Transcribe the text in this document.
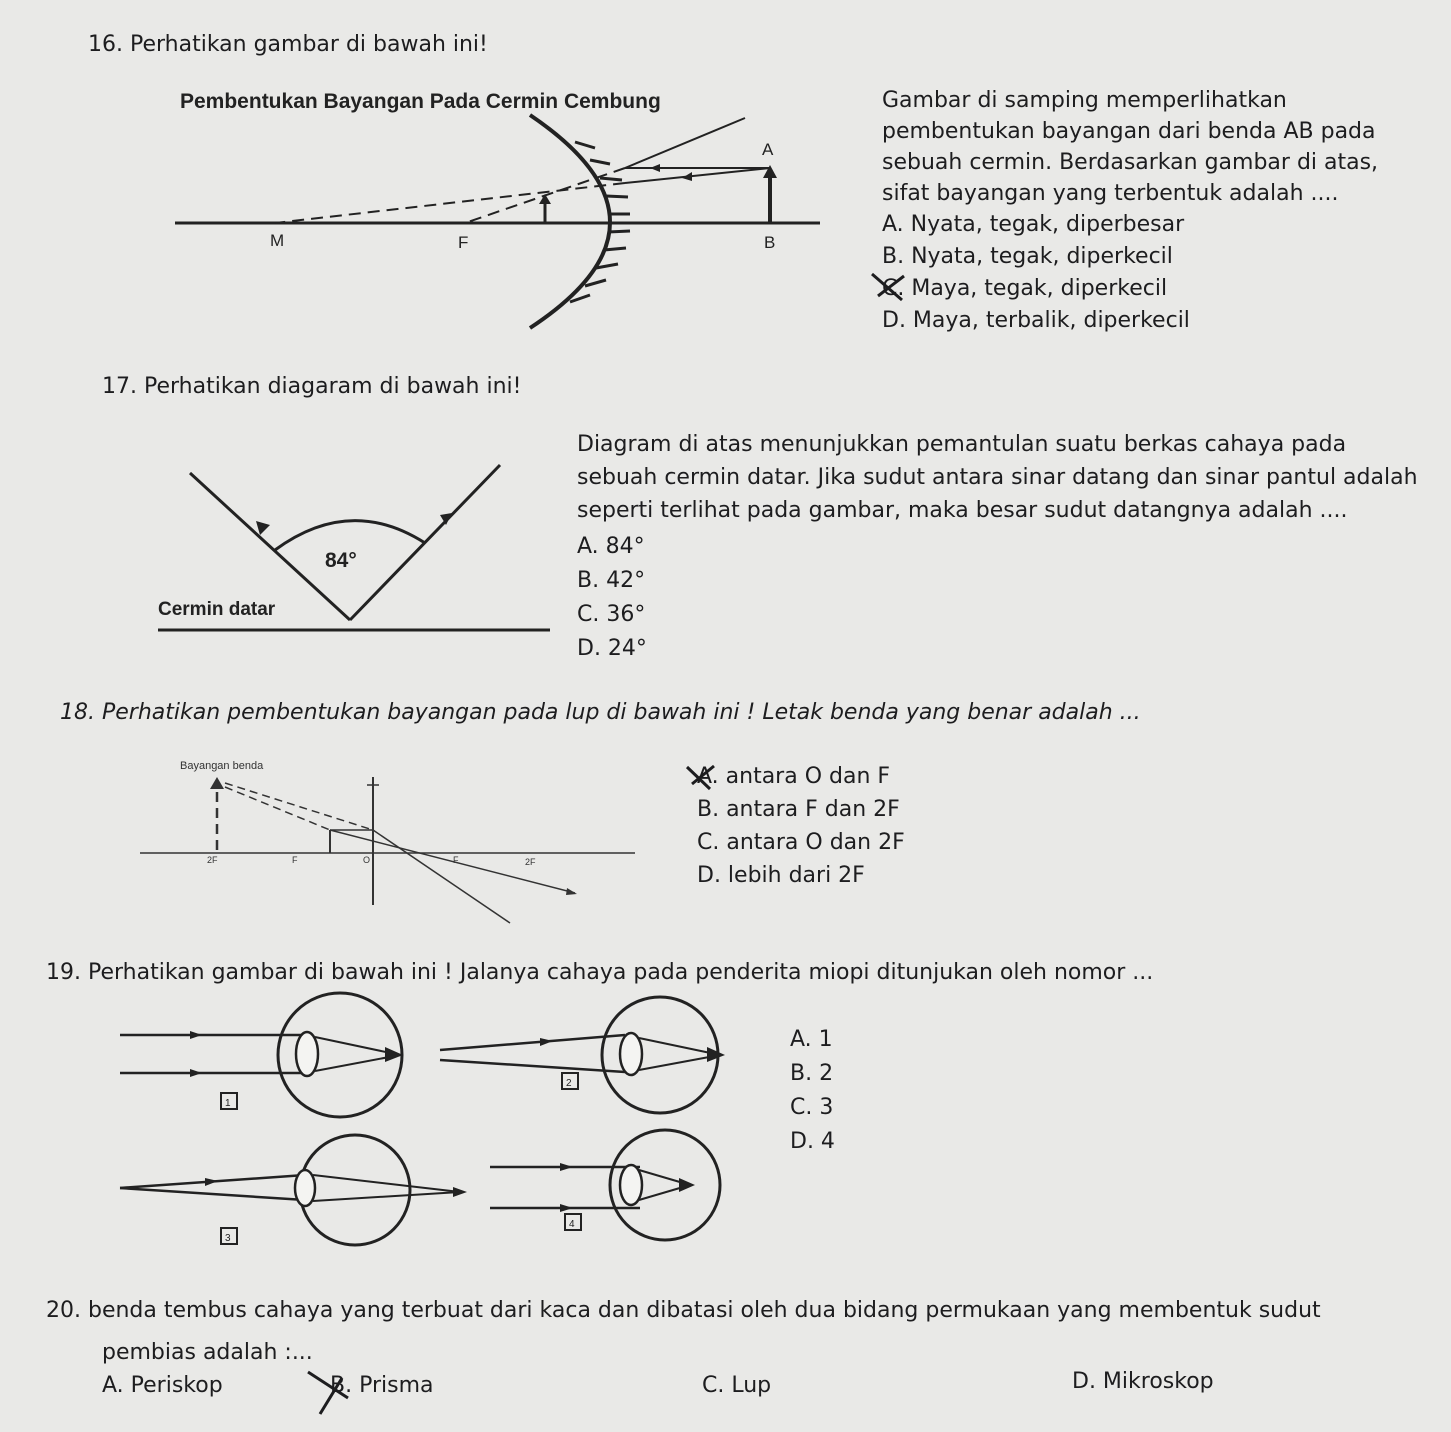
16. Perhatikan gambar di bawah ini!
Pembentukan Bayangan Pada Cermin Cembung
A
M	F	B
Gambar di samping memperlihatkan
pembentukan bayangan dari benda AB pada
sebuah cermin. Berdasarkan gambar di atas,
sifat bayangan yang terbentuk adalah ....
A. Nyata, tegak, diperbesar
B. Nyata, tegak, diperkecil
C. Maya, tegak, diperkecil
D. Maya, terbalik, diperkecil
17. Perhatikan diagaram di bawah ini!
84°
Cermin datar
Diagram di atas menunjukkan pemantulan suatu berkas cahaya pada
sebuah cermin datar. Jika sudut antara sinar datang dan sinar pantul adalah
seperti terlihat pada gambar, maka besar sudut datangnya adalah ....
A. 84°
B. 42°
C. 36°
D. 24°
18. Perhatikan pembentukan bayangan pada lup di bawah ini ! Letak benda yang benar adalah ...
Bayangan benda
2F	F	O	F	2F
A. antara O dan F
B. antara F dan 2F
C. antara O dan 2F
D. lebih dari 2F
19. Perhatikan gambar di bawah ini ! Jalanya cahaya pada penderita miopi ditunjukan oleh nomor ...
1
2
3
4
A. 1
B. 2
C. 3
D. 4
20. benda tembus cahaya yang terbuat dari kaca dan dibatasi oleh dua bidang permukaan yang membentuk sudut
pembias adalah :...
A. Periskop	B. Prisma	C. Lup	D. Mikroskop
